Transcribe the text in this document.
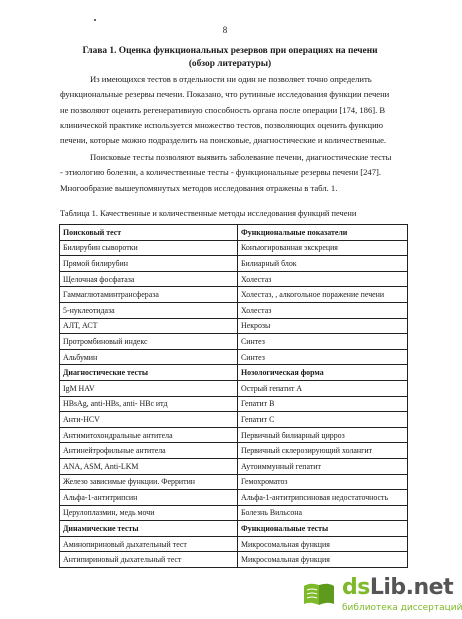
8
Глава 1. Оценка функциональных резервов при операциях на печени
(обзор литературы)
Из имеющихся тестов в отдельности ни один не позволяет точно определить
функциональные резервы печени. Показано, что рутинные исследования функции печени
не позволяют оценить регенеративную способность органа после операции [174, 186]. В
клинической практике используется множество тестов, позволяющих оценить функцию
печени, которые можно подразделить на поисковые, диагностические и количественные.
Поисковые тесты позволяют выявить заболевание печени, диагностические тесты
- этиологию болезни, а количественные тесты - функциональные резервы печени [247].
Многообразие вышеупомянутых методов исследования отражены в табл. 1.
Таблица 1. Качественные и количественные методы исследования функций печени
Поисковый тест	Функциональные показатели
Билирубин сыворотки	Конъюгированная экскреция
Прямой билирубин	Билиарный блок
Щелочная фосфатаза	Холестаз
Гаммаглютаминтрансфераза	Холестаз, , алкогольное поражение печени
5-нуклеотидаза	Холестаз
АЛТ, АСТ	Некрозы
Протромбиновый индекс	Синтез
Альбумин	Синтез
Диагностические тесты	Нозологическая форма
IgM HAV	Острый гепатит А
HBsAg, anti-HBs, anti- HBc итд	Гепатит В
Анти-HCV	Гепатит С
Антимитохондральные антитела	Первичный билиарный цирроз
Антинейтрофильные антитела	Первичный склерозирующий холангит
ANA, ASM, Anti-LKM	Аутоиммунный гепатит
Железо зависимые функции. Ферритин	Гемохроматоз
Альфа-1-антитрипсин	Альфа-1-антитрипсиновая недостаточность
Церулоплазмин, медь мочи	Болезнь Вильсона
Динамические тесты	Функциональные тесты
Аминопириновый дыхательный тест	Микросомальная функция
Антипириновый дыхательный тест	Микросомальная функция
dsLib.net
библиотека диссертаций
